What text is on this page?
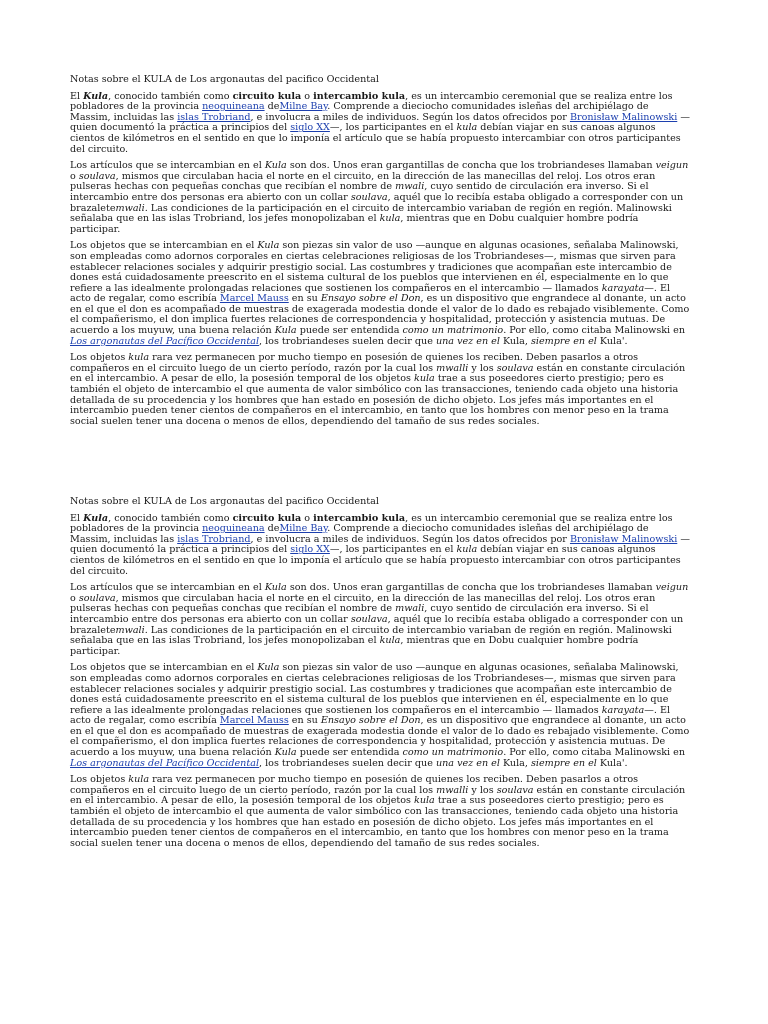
Notas sobre el KULA de Los argonautas del pacifico Occidental

El Kula, conocido también como circuito kula o intercambio kula, es un intercambio ceremonial que se realiza entre los pobladores de la provincia neoguineana deMilne Bay. Comprende a dieciocho comunidades isleñas del archipiélago de Massim, incluidas las islas Trobriand, e involucra a miles de individuos. Según los datos ofrecidos por Bronisław Malinowski —quien documentó la práctica a principios del siglo XX—, los participantes en el kula debían viajar en sus canoas algunos cientos de kilómetros en el sentido en que lo imponía el artículo que se había propuesto intercambiar con otros participantes del circuito.

Los artículos que se intercambian en el Kula son dos. Unos eran gargantillas de concha que los trobriandeses llamaban veigun o soulava, mismos que circulaban hacia el norte en el circuito, en la dirección de las manecillas del reloj. Los otros eran pulseras hechas con pequeñas conchas que recibían el nombre de mwali, cuyo sentido de circulación era inverso. Si el intercambio entre dos personas era abierto con un collar soulava, aquél que lo recibía estaba obligado a corresponder con un brazaletemwali. Las condiciones de la participación en el circuito de intercambio variaban de región en región. Malinowski señalaba que en las islas Trobriand, los jefes monopolizaban el kula, mientras que en Dobu cualquier hombre podría participar.

Los objetos que se intercambian en el Kula son piezas sin valor de uso —aunque en algunas ocasiones, señalaba Malinowski, son empleadas como adornos corporales en ciertas celebraciones religiosas de los Trobriandeses—, mismas que sirven para establecer relaciones sociales y adquirir prestigio social. Las costumbres y tradiciones que acompañan este intercambio de dones está cuidadosamente preescrito en el sistema cultural de los pueblos que intervienen en él, especialmente en lo que refiere a las idealmente prolongadas relaciones que sostienen los compañeros en el intercambio — llamados karayata—. El acto de regalar, como escribía Marcel Mauss en su Ensayo sobre el Don, es un dispositivo que engrandece al donante, un acto en el que el don es acompañado de muestras de exagerada modestia donde el valor de lo dado es rebajado visiblemente. Como el compañerismo, el don implica fuertes relaciones de correspondencia y hospitalidad, protección y asistencia mutuas. De acuerdo a los muyuw, una buena relación Kula puede ser entendida como un matrimonio. Por ello, como citaba Malinowski en Los argonautas del Pacífico Occidental, los trobriandeses suelen decir que una vez en el Kula, siempre en el Kula'.

Los objetos kula rara vez permanecen por mucho tiempo en posesión de quienes los reciben. Deben pasarlos a otros compañeros en el circuito luego de un cierto período, razón por la cual los mwalli y los soulava están en constante circulación en el intercambio. A pesar de ello, la posesión temporal de los objetos kula trae a sus poseedores cierto prestigio; pero es también el objeto de intercambio el que aumenta de valor simbólico con las transacciones, teniendo cada objeto una historia detallada de su procedencia y los hombres que han estado en posesión de dicho objeto. Los jefes más importantes en el intercambio pueden tener cientos de compañeros en el intercambio, en tanto que los hombres con menor peso en la trama social suelen tener una docena o menos de ellos, dependiendo del tamaño de sus redes sociales.

Notas sobre el KULA de Los argonautas del pacifico Occidental

El Kula, conocido también como circuito kula o intercambio kula, es un intercambio ceremonial que se realiza entre los pobladores de la provincia neoguineana deMilne Bay. Comprende a dieciocho comunidades isleñas del archipiélago de Massim, incluidas las islas Trobriand, e involucra a miles de individuos. Según los datos ofrecidos por Bronisław Malinowski —quien documentó la práctica a principios del siglo XX—, los participantes en el kula debían viajar en sus canoas algunos cientos de kilómetros en el sentido en que lo imponía el artículo que se había propuesto intercambiar con otros participantes del circuito.

Los artículos que se intercambian en el Kula son dos. Unos eran gargantillas de concha que los trobriandeses llamaban veigun o soulava, mismos que circulaban hacia el norte en el circuito, en la dirección de las manecillas del reloj. Los otros eran pulseras hechas con pequeñas conchas que recibían el nombre de mwali, cuyo sentido de circulación era inverso. Si el intercambio entre dos personas era abierto con un collar soulava, aquél que lo recibía estaba obligado a corresponder con un brazaletemwali. Las condiciones de la participación en el circuito de intercambio variaban de región en región. Malinowski señalaba que en las islas Trobriand, los jefes monopolizaban el kula, mientras que en Dobu cualquier hombre podría participar.

Los objetos que se intercambian en el Kula son piezas sin valor de uso —aunque en algunas ocasiones, señalaba Malinowski, son empleadas como adornos corporales en ciertas celebraciones religiosas de los Trobriandeses—, mismas que sirven para establecer relaciones sociales y adquirir prestigio social. Las costumbres y tradiciones que acompañan este intercambio de dones está cuidadosamente preescrito en el sistema cultural de los pueblos que intervienen en él, especialmente en lo que refiere a las idealmente prolongadas relaciones que sostienen los compañeros en el intercambio — llamados karayata—. El acto de regalar, como escribía Marcel Mauss en su Ensayo sobre el Don, es un dispositivo que engrandece al donante, un acto en el que el don es acompañado de muestras de exagerada modestia donde el valor de lo dado es rebajado visiblemente. Como el compañerismo, el don implica fuertes relaciones de correspondencia y hospitalidad, protección y asistencia mutuas. De acuerdo a los muyuw, una buena relación Kula puede ser entendida como un matrimonio. Por ello, como citaba Malinowski en Los argonautas del Pacífico Occidental, los trobriandeses suelen decir que una vez en el Kula, siempre en el Kula'.

Los objetos kula rara vez permanecen por mucho tiempo en posesión de quienes los reciben. Deben pasarlos a otros compañeros en el circuito luego de un cierto período, razón por la cual los mwalli y los soulava están en constante circulación en el intercambio. A pesar de ello, la posesión temporal de los objetos kula trae a sus poseedores cierto prestigio; pero es también el objeto de intercambio el que aumenta de valor simbólico con las transacciones, teniendo cada objeto una historia detallada de su procedencia y los hombres que han estado en posesión de dicho objeto. Los jefes más importantes en el intercambio pueden tener cientos de compañeros en el intercambio, en tanto que los hombres con menor peso en la trama social suelen tener una docena o menos de ellos, dependiendo del tamaño de sus redes sociales.
